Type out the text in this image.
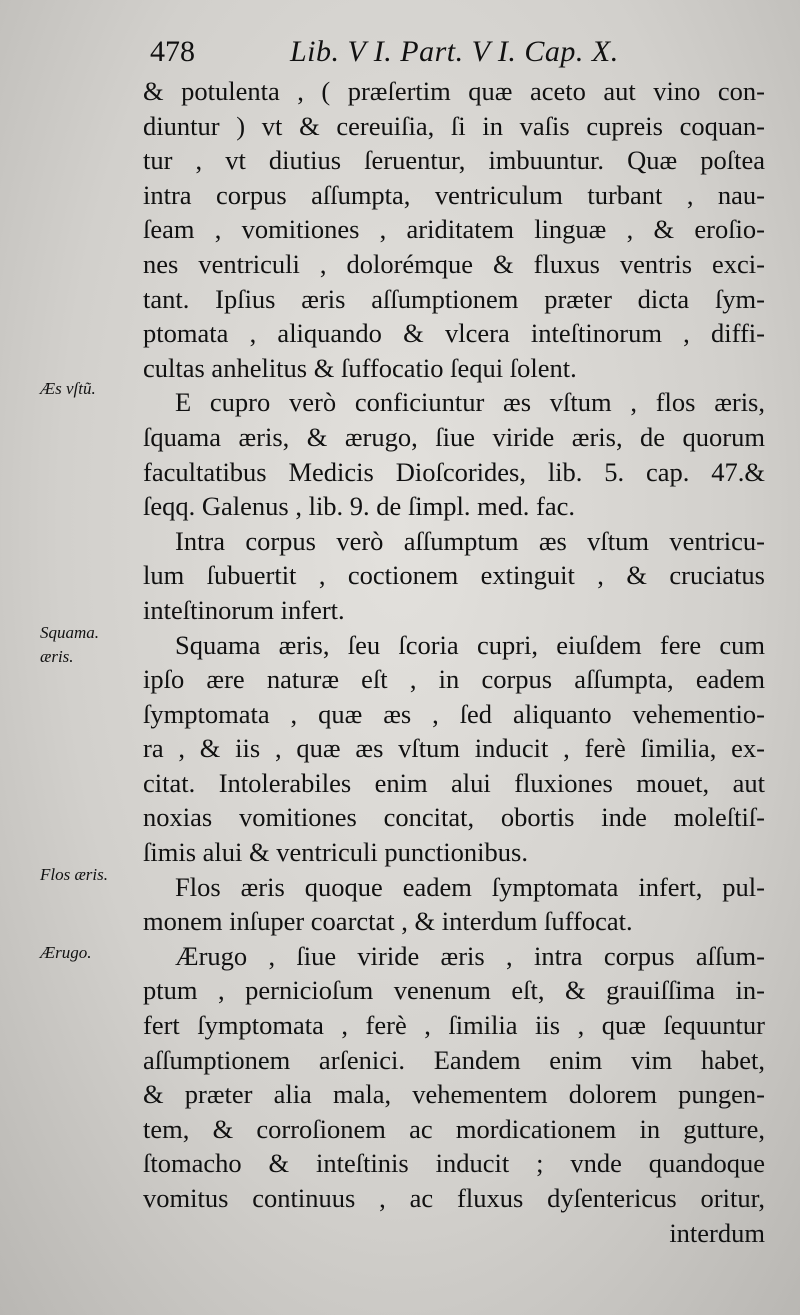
478	Lib. V I. Part. V I. Cap. X.
Æs vſtũ.
Squama.
æris.
Flos æris.
Ærugo.
& potulenta , ( præſertim quæ aceto aut vino con-
diuntur ) vt & cereuiſia, ſi in vaſis cupreis coquan-
tur , vt diutius ſeruentur, imbuuntur. Quæ poſtea
intra corpus aſſumpta, ventriculum turbant , nau-
ſeam , vomitiones , ariditatem linguæ , & eroſio-
nes ventriculi , dolorémque & fluxus ventris exci-
tant. Ipſius æris aſſumptionem præter dicta ſym-
ptomata , aliquando & vlcera inteſtinorum , diffi-
cultas anhelitus & ſuffocatio ſequi ſolent.
E cupro verò conficiuntur æs vſtum , flos æris,
ſquama æris, & ærugo, ſiue viride æris, de quorum
facultatibus Medicis Dioſcorides, lib. 5. cap. 47.&
ſeqq. Galenus , lib. 9. de ſimpl. med. fac.
Intra corpus verò aſſumptum æs vſtum ventricu-
lum ſubuertit , coctionem extinguit , & cruciatus
inteſtinorum infert.
Squama æris, ſeu ſcoria cupri, eiuſdem fere cum
ipſo ære naturæ eſt , in corpus aſſumpta, eadem
ſymptomata , quæ æs , ſed aliquanto vehementio-
ra , & iis , quæ æs vſtum inducit , ferè ſimilia, ex-
citat. Intolerabiles enim alui fluxiones mouet, aut
noxias vomitiones concitat, obortis inde moleſtiſ-
ſimis alui & ventriculi punctionibus.
Flos æris quoque eadem ſymptomata infert, pul-
monem inſuper coarctat , & interdum ſuffocat.
Ærugo , ſiue viride æris , intra corpus aſſum-
ptum , pernicioſum venenum eſt, & grauiſſima in-
fert ſymptomata , ferè , ſimilia iis , quæ ſequuntur
aſſumptionem arſenici. Eandem enim vim habet,
& præter alia mala, vehementem dolorem pungen-
tem, & corroſionem ac mordicationem in gutture,
ſtomacho & inteſtinis inducit ; vnde quandoque
vomitus continuus , ac fluxus dyſentericus oritur,
interdum
